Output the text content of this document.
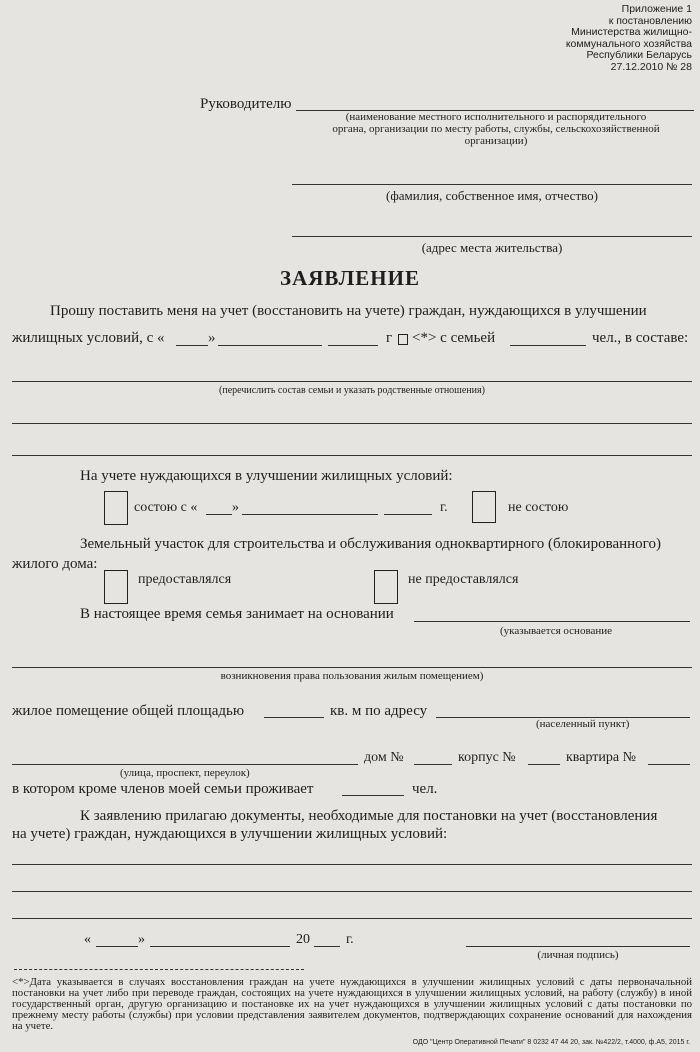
Приложение 1
к постановлению
Министерства жилищно-
коммунального хозяйства
Республики Беларусь
27.12.2010 № 28
Руководителю
(наименование местного исполнительного и распорядительного
органа, организации по месту работы, службы, сельскохозяйственной
организации)
(фамилия, собственное имя, отчество)
(адрес места жительства)
ЗАЯВЛЕНИЕ
Прошу поставить меня на учет (восстановить на учете) граждан, нуждающихся в улучшении
жилищных условий, с «	»	г <*> с семьей	чел., в составе:
(перечислить состав семьи и указать родственные отношения)
На учете нуждающихся в улучшении жилищных условий:
состою с « »	г.	не состою
Земельный участок для строительства и обслуживания одноквартирного (блокированного)
жилого дома:
предоставлялся	не предоставлялся
В настоящее время семья занимает на основании
(указывается основание
возникновения права пользования жилым помещением)
жилое помещение общей площадью	кв. м по адресу
(населенный пункт)
дом №	корпус №	квартира №
(улица, проспект, переулок)
в котором кроме членов моей семьи проживает	чел.
К заявлению прилагаю документы, необходимые для постановки на учет (восстановления
на учете) граждан, нуждающихся в улучшении жилищных условий:
«	»	20	г.
(личная подпись)
<*>Дата указывается в случаях восстановления граждан на учете нуждающихся в улучшении жилищных условий с даты первоначальной постановки на учет либо при переводе граждан, состоящих на учете нуждающихся в улучшении жилищных условий, на работу (службу) в иной государственный орган, другую организацию и постановке их на учет нуждающихся в улучшении жилищных условий с даты постановки по прежнему месту работы (службы) при условии представления заявителем документов, подтверждающих сохранение оснований для нахождения на учете.
ОДО "Центр Оперативной Печати" 8 0232 47 44 20, зак. №422/2, т.4000, ф.А5, 2015 г.
